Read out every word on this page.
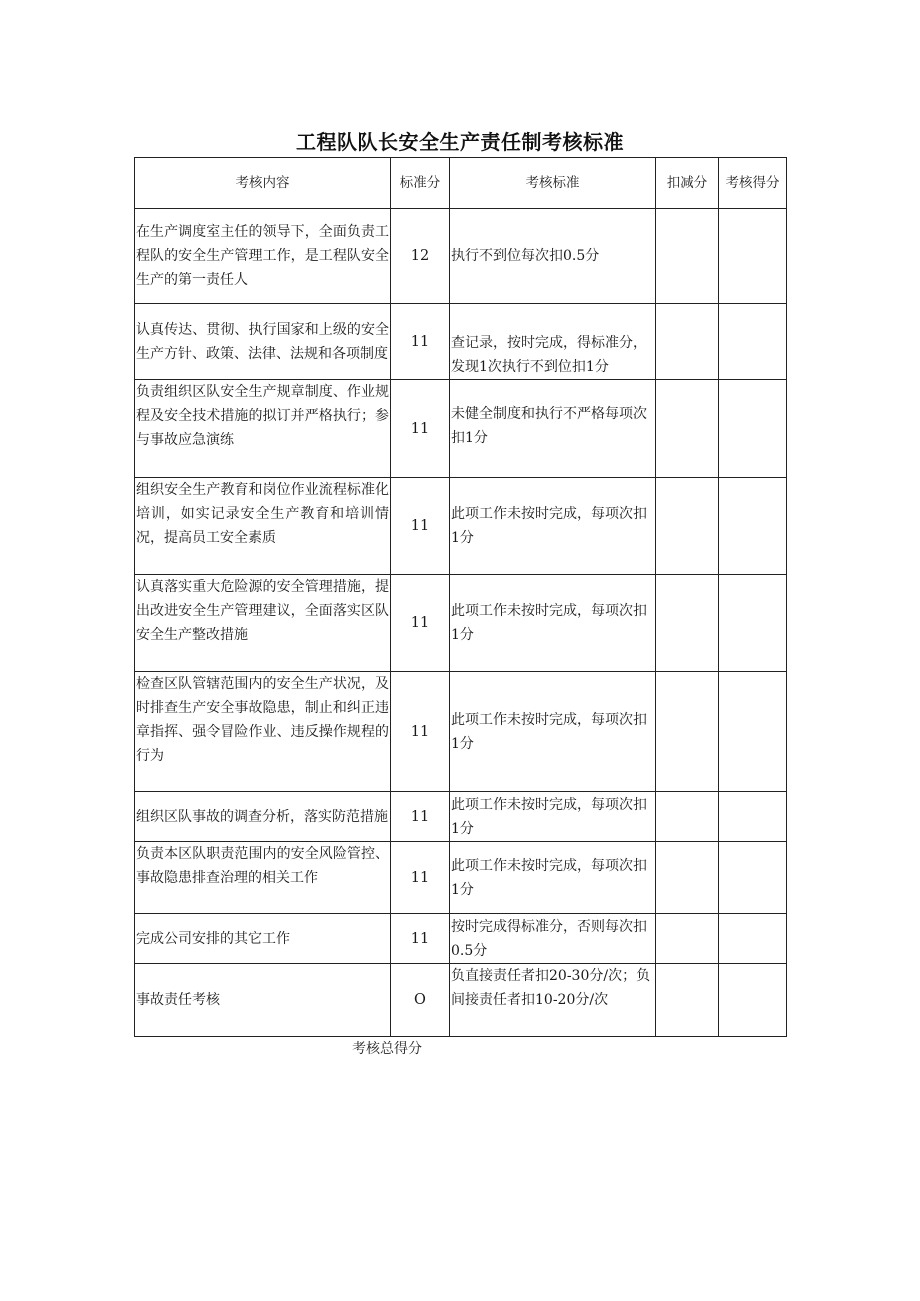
工程队队长安全生产责任制考核标准
考核内容	标准分	考核标准	扣减分	考核得分
在生产调度室主任的领导下，全面负责工程队的安全生产管理工作，是工程队安全生产的第一责任人	12	执行不到位每次扣0.5分		
认真传达、贯彻、执行国家和上级的安全生产方针、政策、法律、法规和各项制度	11	查记录，按时完成，得标准分，发现1次执行不到位扣1分		
负责组织区队安全生产规章制度、作业规程及安全技术措施的拟订并严格执行；参与事故应急演练	11	未健全制度和执行不严格每项次扣1分		
组织安全生产教育和岗位作业流程标准化培训，如实记录安全生产教育和培训情况，提高员工安全素质	11	此项工作未按时完成，每项次扣1分		
认真落实重大危险源的安全管理措施，提出改进安全生产管理建议，全面落实区队安全生产整改措施	11	此项工作未按时完成，每项次扣1分		
检查区队管辖范围内的安全生产状况，及时排查生产安全事故隐患，制止和纠正违章指挥、强令冒险作业、违反操作规程的行为	11	此项工作未按时完成，每项次扣1分		
组织区队事故的调查分析，落实防范措施	11	此项工作未按时完成，每项次扣1分		
负责本区队职责范围内的安全风险管控、事故隐患排查治理的相关工作	11	此项工作未按时完成，每项次扣1分		
完成公司安排的其它工作	11	按时完成得标准分，否则每次扣0.5分		
事故责任考核	O	负直接责任者扣20-30分/次；负间接责任者扣10-20分/次		
考核总得分
